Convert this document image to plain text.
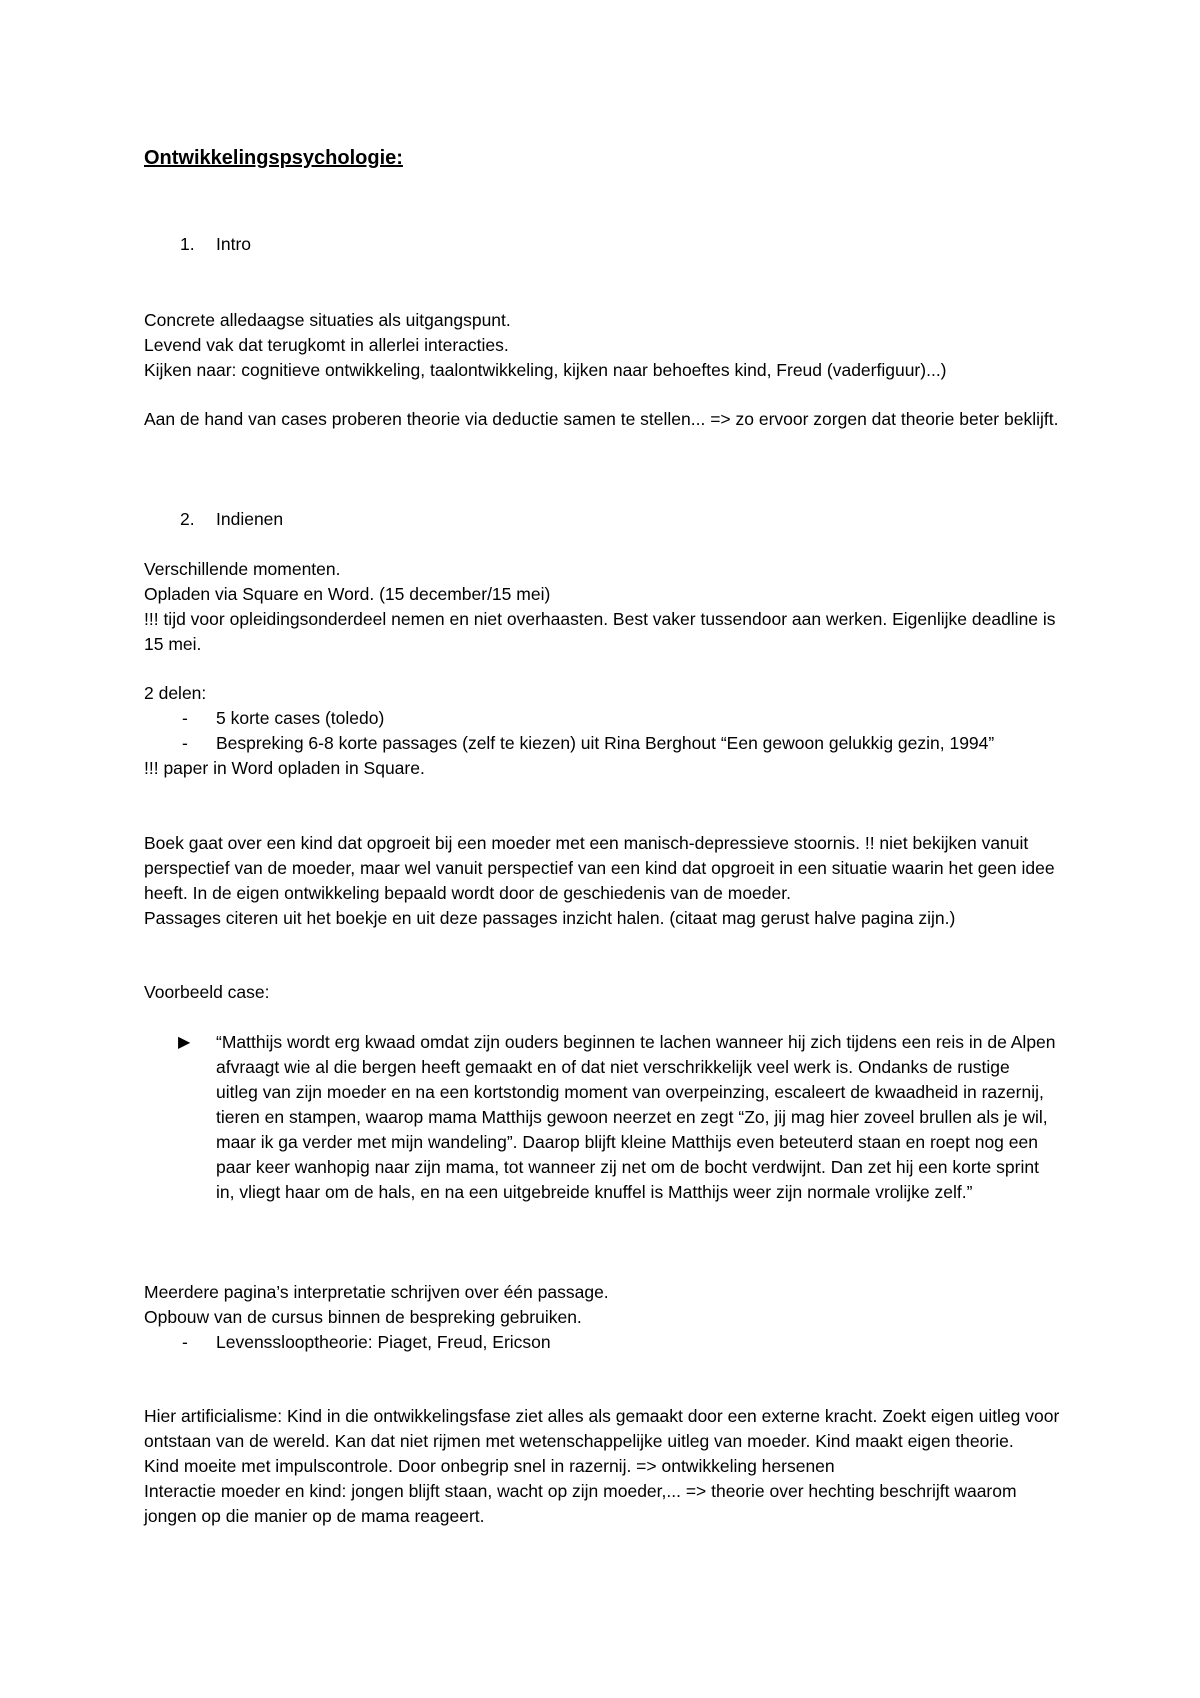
Ontwikkelingspsychologie:
1. Intro
Concrete alledaagse situaties als uitgangspunt.
Levend vak dat terugkomt in allerlei interacties.
Kijken naar: cognitieve ontwikkeling, taalontwikkeling, kijken naar behoeftes kind, Freud (vaderfiguur)...)
Aan de hand van cases proberen theorie via deductie samen te stellen... => zo ervoor zorgen dat theorie beter beklijft.
2. Indienen
Verschillende momenten.
Opladen via Square en Word. (15 december/15 mei)
!!! tijd voor opleidingsonderdeel nemen en niet overhaasten. Best vaker tussendoor aan werken. Eigenlijke deadline is 15 mei.
2 delen:
- 5 korte cases (toledo)
- Bespreking 6-8 korte passages (zelf te kiezen) uit Rina Berghout “Een gewoon gelukkig gezin, 1994”
!!! paper in Word opladen in Square.
Boek gaat over een kind dat opgroeit bij een moeder met een manisch-depressieve stoornis. !! niet bekijken vanuit perspectief van de moeder, maar wel vanuit perspectief van een kind dat opgroeit in een situatie waarin het geen idee heeft. In de eigen ontwikkeling bepaald wordt door de geschiedenis van de moeder.
Passages citeren uit het boekje en uit deze passages inzicht halen. (citaat mag gerust halve pagina zijn.)
Voorbeeld case:
▶ “Matthijs wordt erg kwaad omdat zijn ouders beginnen te lachen wanneer hij zich tijdens een reis in de Alpen afvraagt wie al die bergen heeft gemaakt en of dat niet verschrikkelijk veel werk is. Ondanks de rustige uitleg van zijn moeder en na een kortstondig moment van overpeinzing, escaleert de kwaadheid in razernij, tieren en stampen, waarop mama Matthijs gewoon neerzet en zegt “Zo, jij mag hier zoveel brullen als je wil, maar ik ga verder met mijn wandeling”. Daarop blijft kleine Matthijs even beteuterd staan en roept nog een paar keer wanhopig naar zijn mama, tot wanneer zij net om de bocht verdwijnt. Dan zet hij een korte sprint in, vliegt haar om de hals, en na een uitgebreide knuffel is Matthijs weer zijn normale vrolijke zelf.”
Meerdere pagina’s interpretatie schrijven over één passage.
Opbouw van de cursus binnen de bespreking gebruiken.
- Levensslooptheorie: Piaget, Freud, Ericson
Hier artificialisme: Kind in die ontwikkelingsfase ziet alles als gemaakt door een externe kracht. Zoekt eigen uitleg voor ontstaan van de wereld. Kan dat niet rijmen met wetenschappelijke uitleg van moeder. Kind maakt eigen theorie.
Kind moeite met impulscontrole. Door onbegrip snel in razernij. => ontwikkeling hersenen
Interactie moeder en kind: jongen blijft staan, wacht op zijn moeder,... => theorie over hechting beschrijft waarom jongen op die manier op de mama reageert.
